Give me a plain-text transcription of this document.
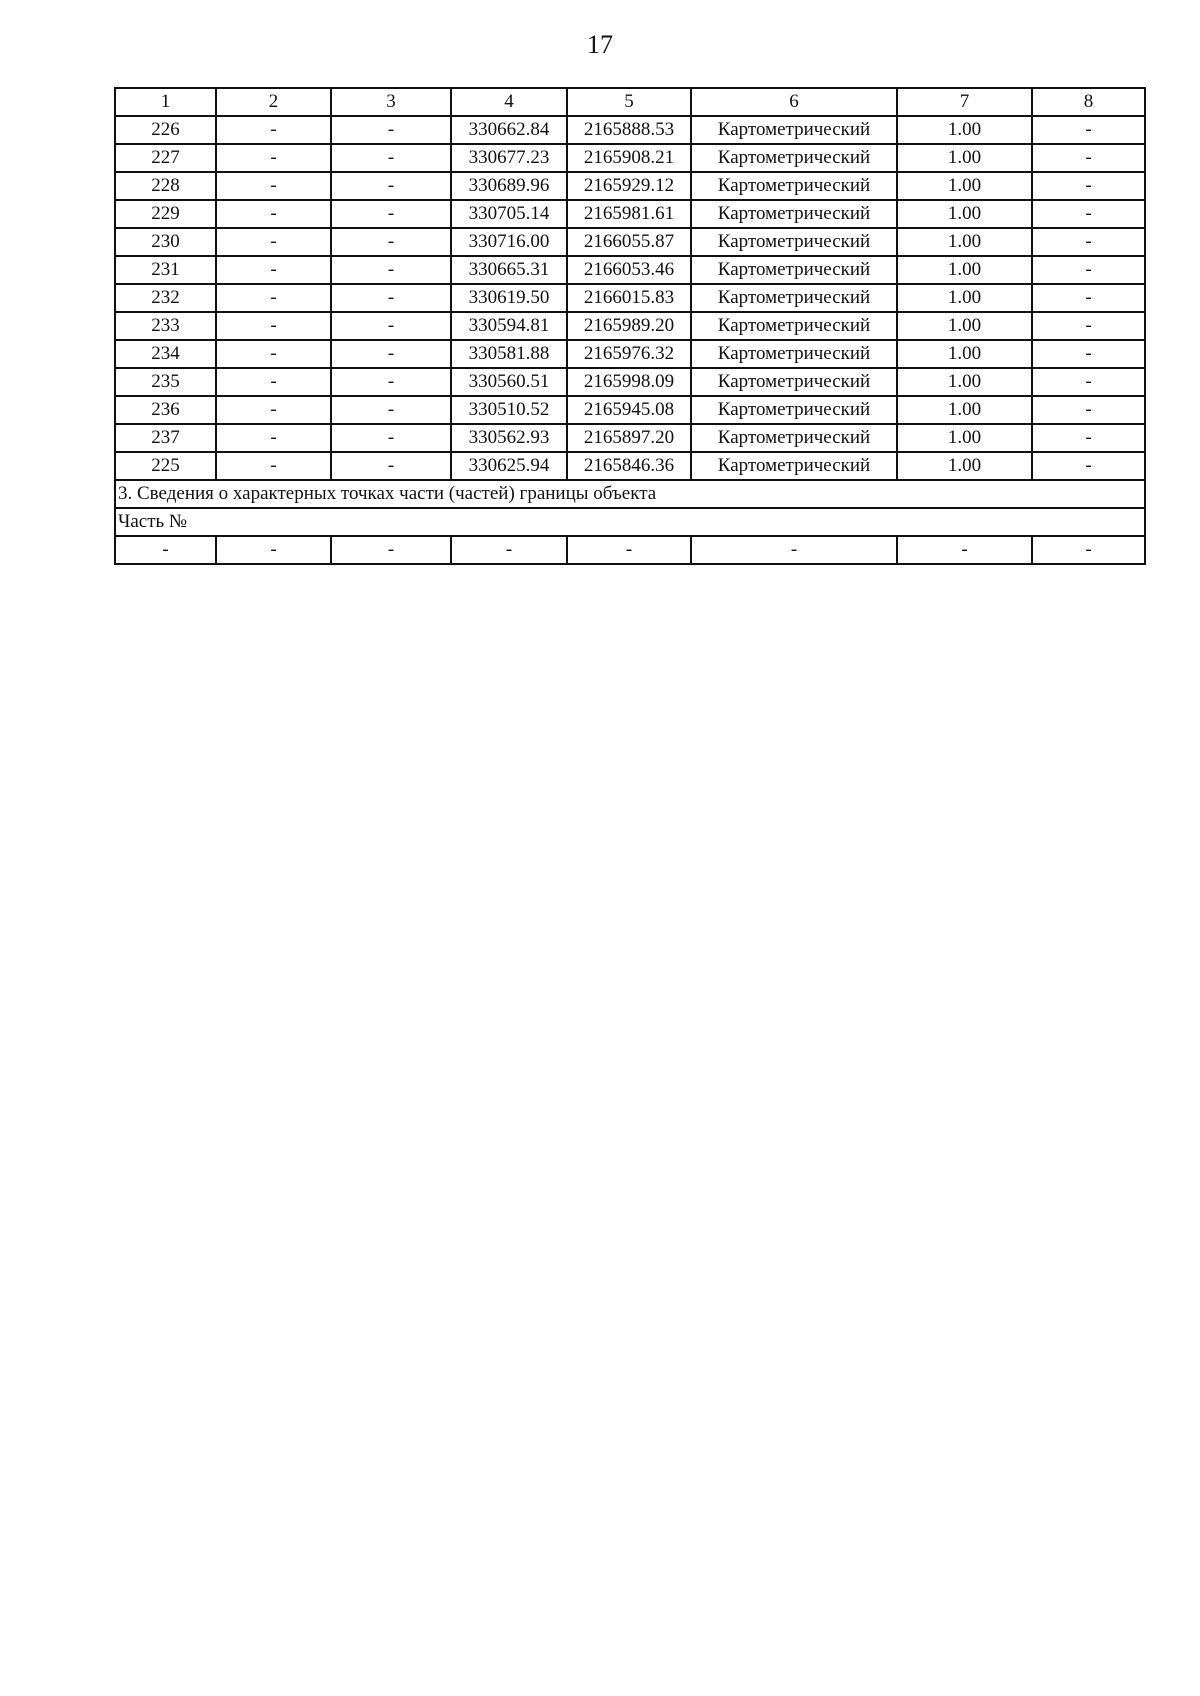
17
1	2	3	4	5	6	7	8
226	-	-	330662.84	2165888.53	Картометрический	1.00	-
227	-	-	330677.23	2165908.21	Картометрический	1.00	-
228	-	-	330689.96	2165929.12	Картометрический	1.00	-
229	-	-	330705.14	2165981.61	Картометрический	1.00	-
230	-	-	330716.00	2166055.87	Картометрический	1.00	-
231	-	-	330665.31	2166053.46	Картометрический	1.00	-
232	-	-	330619.50	2166015.83	Картометрический	1.00	-
233	-	-	330594.81	2165989.20	Картометрический	1.00	-
234	-	-	330581.88	2165976.32	Картометрический	1.00	-
235	-	-	330560.51	2165998.09	Картометрический	1.00	-
236	-	-	330510.52	2165945.08	Картометрический	1.00	-
237	-	-	330562.93	2165897.20	Картометрический	1.00	-
225	-	-	330625.94	2165846.36	Картометрический	1.00	-
3. Сведения о характерных точках части (частей) границы объекта							
Часть №							
-	-	-	-	-	-	-	-
